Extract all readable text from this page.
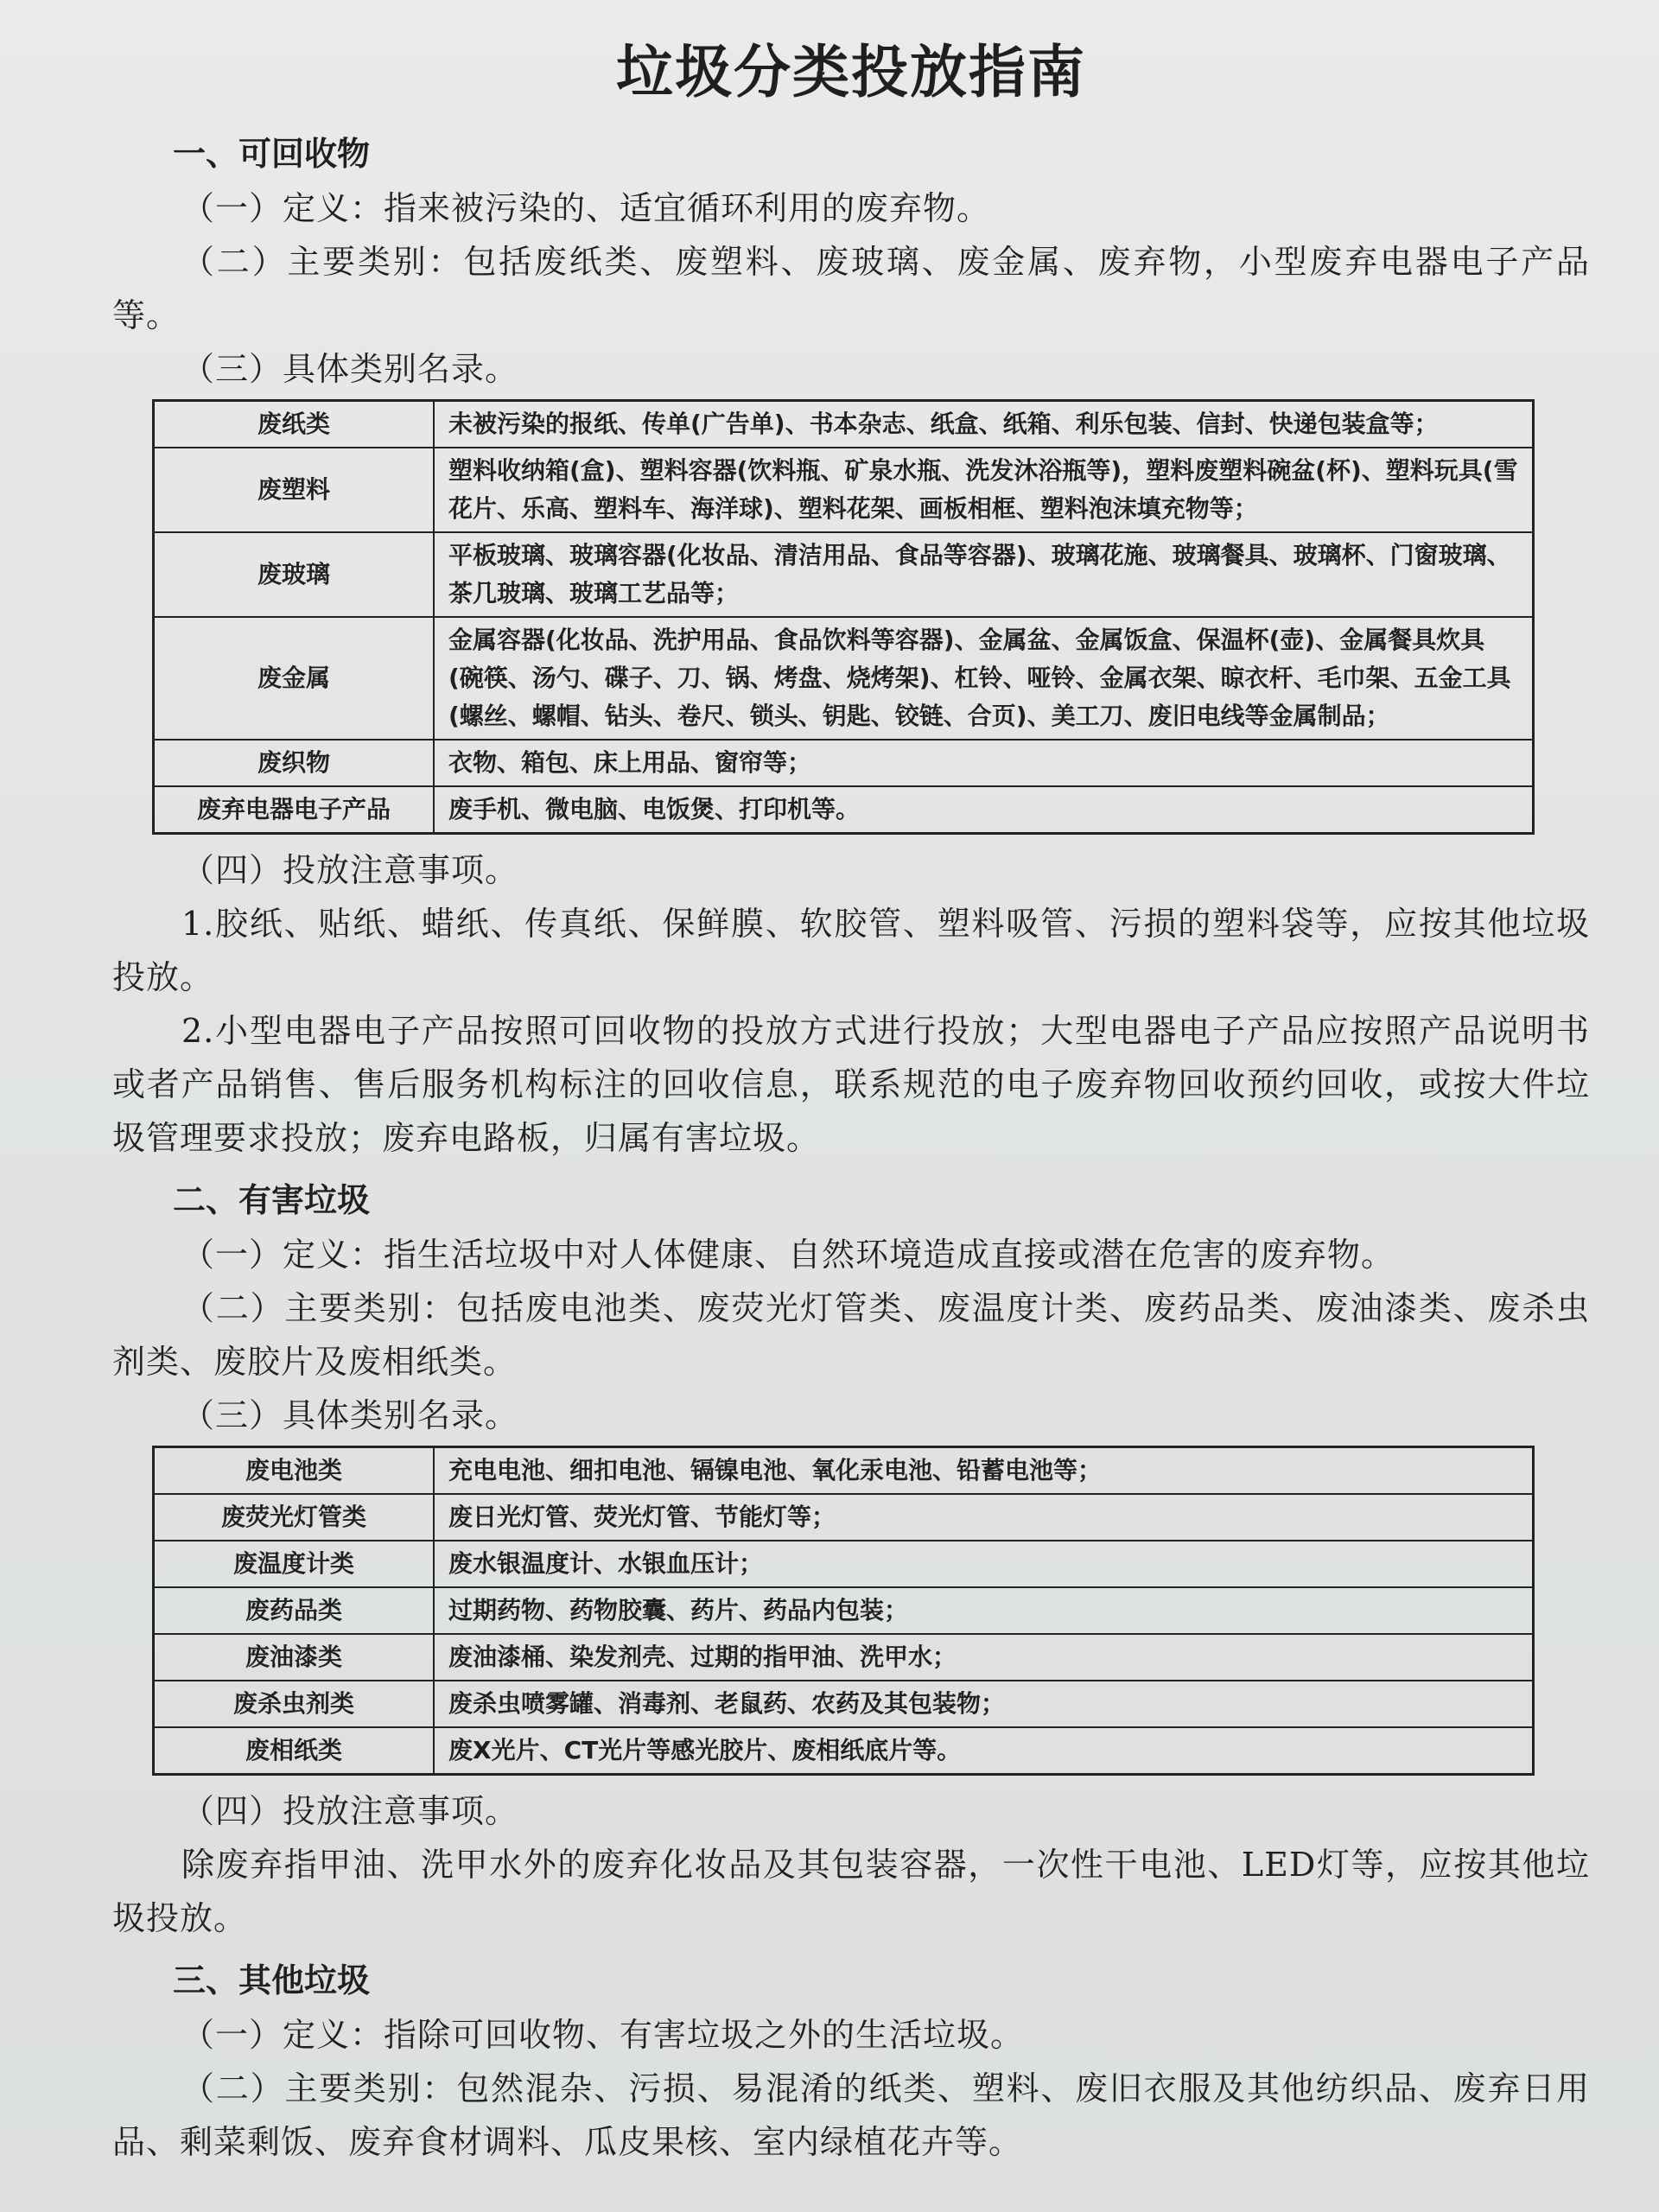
垃圾分类投放指南
一、可回收物

（一）定义：指来被污染的、适宜循环利用的废弃物。

（二）主要类别：包括废纸类、废塑料、废玻璃、废金属、废弃物，小型废弃电器电子产品等。

（三）具体类别名录。

废纸类	未被污染的报纸、传单(广告单)、书本杂志、纸盒、纸箱、利乐包装、信封、快递包装盒等；
废塑料	塑料收纳箱(盒)、塑料容器(饮料瓶、矿泉水瓶、洗发沐浴瓶等)，塑料废塑料碗盆(杯)、塑料玩具(雪花片、乐高、塑料车、海洋球)、塑料花架、画板相框、塑料泡沫填充物等；
废玻璃	平板玻璃、玻璃容器(化妆品、清洁用品、食品等容器)、玻璃花施、玻璃餐具、玻璃杯、门窗玻璃、茶几玻璃、玻璃工艺品等；
废金属	金属容器(化妆品、洗护用品、食品饮料等容器)、金属盆、金属饭盒、保温杯(壶)、金属餐具炊具(碗筷、汤勺、碟子、刀、锅、烤盘、烧烤架)、杠铃、哑铃、金属衣架、晾衣杆、毛巾架、五金工具(螺丝、螺帽、钻头、卷尺、锁头、钥匙、铰链、合页)、美工刀、废旧电线等金属制品；
废织物	衣物、箱包、床上用品、窗帘等；
废弃电器电子产品	废手机、微电脑、电饭煲、打印机等。

（四）投放注意事项。

1.胶纸、贴纸、蜡纸、传真纸、保鲜膜、软胶管、塑料吸管、污损的塑料袋等，应按其他垃圾投放。

2.小型电器电子产品按照可回收物的投放方式进行投放；大型电器电子产品应按照产品说明书或者产品销售、售后服务机构标注的回收信息，联系规范的电子废弃物回收预约回收，或按大件垃圾管理要求投放；废弃电路板，归属有害垃圾。

二、有害垃圾

（一）定义：指生活垃圾中对人体健康、自然环境造成直接或潜在危害的废弃物。

（二）主要类别：包括废电池类、废荧光灯管类、废温度计类、废药品类、废油漆类、废杀虫剂类、废胶片及废相纸类。

（三）具体类别名录。

废电池类	充电电池、细扣电池、镉镍电池、氧化汞电池、铅蓄电池等；
废荧光灯管类	废日光灯管、荧光灯管、节能灯等；
废温度计类	废水银温度计、水银血压计；
废药品类	过期药物、药物胶囊、药片、药品内包装；
废油漆类	废油漆桶、染发剂壳、过期的指甲油、洗甲水；
废杀虫剂类	废杀虫喷雾罐、消毒剂、老鼠药、农药及其包装物；
废相纸类	废X光片、CT光片等感光胶片、废相纸底片等。

（四）投放注意事项。

除废弃指甲油、洗甲水外的废弃化妆品及其包装容器，一次性干电池、LED灯等，应按其他垃圾投放。

三、其他垃圾

（一）定义：指除可回收物、有害垃圾之外的生活垃圾。

（二）主要类别：包然混杂、污损、易混淆的纸类、塑料、废旧衣服及其他纺织品、废弃日用品、剩菜剩饭、废弃食材调料、瓜皮果核、室内绿植花卉等。
